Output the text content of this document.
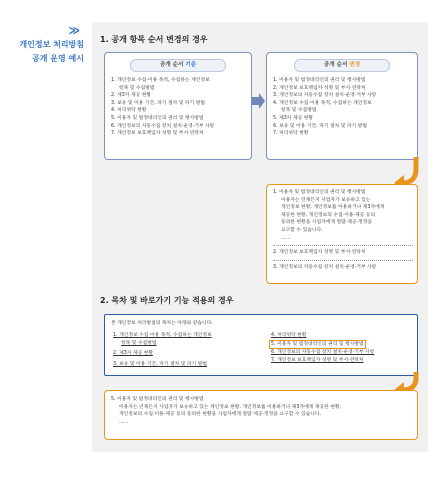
≫
개인정보 처리방침
공개 운영 예시
1. 공개 항목 순서 변경의 경우
공개 순서 기준
1. 개인정보 수집·이용 목적, 수집하는 개인정보
항목 및 수집방법
2. 제3자 제공 현황
3. 보유 및 이용 기간, 파기 절차 및 파기 방법
4. 처리위탁 현황
5. 이용자 및 법정대리인의 권리 및 행사방법
6. 개인정보의 자동수집 장치 설치·운영·거부 사항
7. 개인정보 보호책임자 성명 및 부서·연락처
공개 순서 변경
1. 이용자 및 법정대리인의 권리 및 행사방법
2. 개인정보 보호책임자 성명 및 부서·연락처
3. 개인정보의 자동수집 장치 설치·운영·거부 사항
4. 개인정보 수집·이용 목적, 수집하는 개인정보
항목 및 수집방법
5. 제3자 제공 현황
6. 보유 및 이용 기간, 파기 절차 및 파기 방법
7. 처리위탁 현황
1. 이용자 및 법정대리인의 권리 및 행사방법
이용자는 언제든지 사업자가 보유하고 있는
개인정보 현황, 개인정보를 이용하거나 제3자에게
제공한 현황, 개인정보의 수집·이용·제공 등의
동의한 현황을 사업자에게 열람·제공·정정을
요구할 수 있습니다.
……
2. 개인정보 보호책임자 성명 및 부서·연락처
3. 개인정보의 자동수집 장치 설치·운영·거부 사항
2. 목차 및 바로가기 기능 적용의 경우
본 개인정보 처리방침의 목차는 아래와 같습니다.
1. 개인정보 수집·이용 목적, 수집하는 개인정보
항목 및 수집방법
2. 제3자 제공 현황
3. 보유 및 이용 기간, 파기 절차 및 파기 방법
4. 처리위탁 현황
5. 이용자 및 법정대리인의 권리 및 행사방법
6. 개인정보의 자동수집 장치 설치·운영·거부 사항
7. 개인정보 보호책임자 성명 및 부서·연락처
5. 이용자 및 법정대리인의 권리 및 행사방법
이용자는 언제든지 사업자가 보유하고 있는 개인정보 현황, 개인정보를 이용하거나 제3자에게 제공한 현황,
개인정보의 수집·이용·제공 등의 동의한 현황을 사업자에게 열람·제공·정정을 요구할 수 있습니다.
……
